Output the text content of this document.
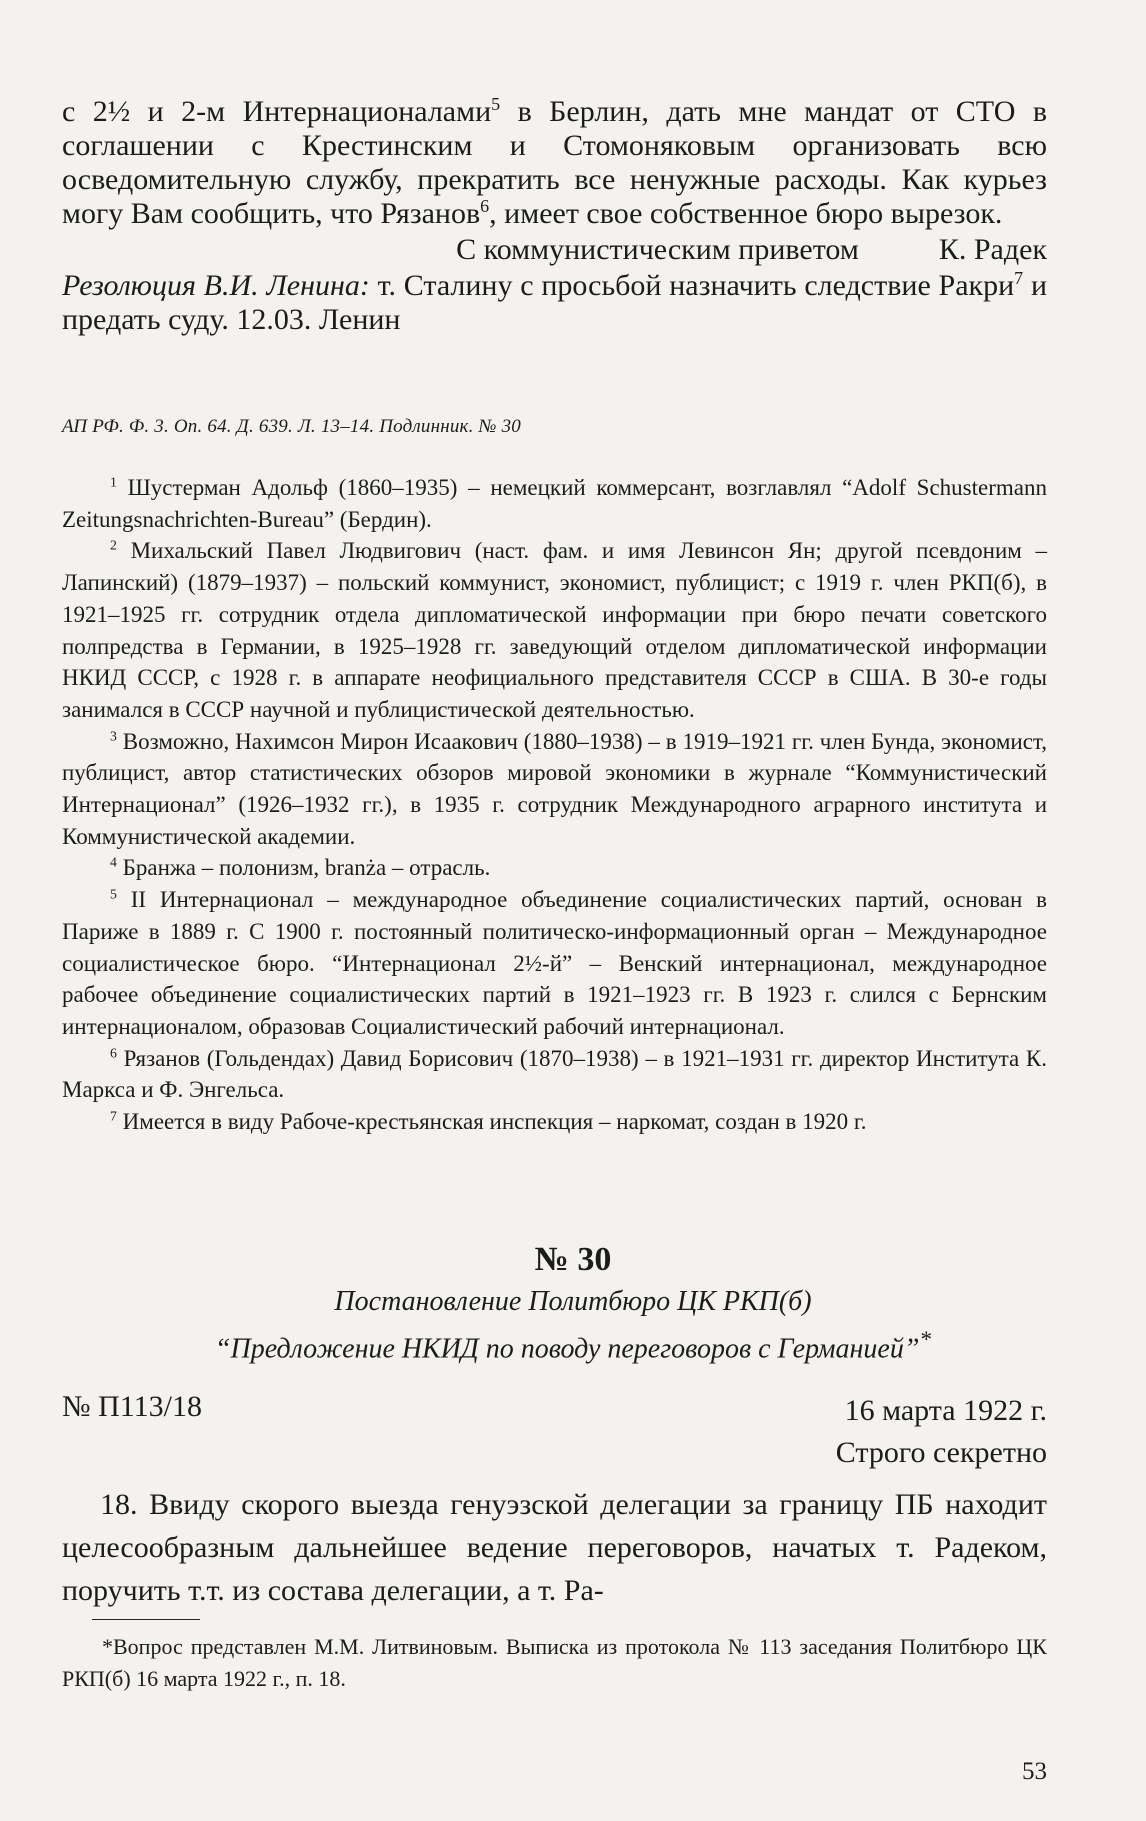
с 2½ и 2-м Интернационалами$^5$ в Берлин, дать мне мандат от СТО в соглашении с Крестинским и Стомоняковым организовать всю осведомительную службу, прекратить все ненужные расходы. Как курьез могу Вам сообщить, что Рязанов$^6$, имеет свое собственное бюро вырезок.
С коммунистическим приветом	К. Радек
Резолюция В.И. Ленина: т. Сталину с просьбой назначить следствие Ракри$^7$ и предать суду. 12.03. Ленин
АП РФ. Ф. 3. Оп. 64. Д. 639. Л. 13–14. Подлинник. № 30

$^1$ Шустерман Адольф (1860–1935) – немецкий коммерсант, возглавлял “Adolf Schustermann Zeitungsnachrichten-Bureau” (Бердин).

$^2$ Михальский Павел Людвигович (наст. фам. и имя Левинсон Ян; другой псевдоним – Лапинский) (1879–1937) – польский коммунист, экономист, публицист; с 1919 г. член РКП(б), в 1921–1925 гг. сотрудник отдела дипломатической информации при бюро печати советского полпредства в Германии, в 1925–1928 гг. заведующий отделом дипломатической информации НКИД СССР, с 1928 г. в аппарате неофициального представителя СССР в США. В 30-е годы занимался в СССР научной и публицистической деятельностью.

$^3$ Возможно, Нахимсон Мирон Исаакович (1880–1938) – в 1919–1921 гг. член Бунда, экономист, публицист, автор статистических обзоров мировой экономики в журнале “Коммунистический Интернационал” (1926–1932 гг.), в 1935 г. сотрудник Международного аграрного института и Коммунистической академии.

$^4$ Бранжа – полонизм, branża – отрасль.

$^5$ II Интернационал – международное объединение социалистических партий, основан в Париже в 1889 г. С 1900 г. постоянный политическо-информационный орган – Международное социалистическое бюро. “Интернационал 2½-й” – Венский интернационал, международное рабочее объединение социалистических партий в 1921–1923 гг. В 1923 г. слился с Бернским интернационалом, образовав Социалистический рабочий интернационал.

$^6$ Рязанов (Гольдендах) Давид Борисович (1870–1938) – в 1921–1931 гг. директор Института К. Маркса и Ф. Энгельса.

$^7$ Имеется в виду Рабоче-крестьянская инспекция – наркомат, создан в 1920 г.

№ 30
Постановление Политбюро ЦК РКП(б)
“Предложение НКИД по поводу переговоров с Германией”*
№ П113/18	16 марта 1922 г.
Строго секретно
18. Ввиду скорого выезда генуэзской делегации за границу ПБ находит целесообразным дальнейшее ведение переговоров, начатых т. Радеком, поручить т.т. из состава делегации, а т. Ра-
*Вопрос представлен М.М. Литвиновым. Выписка из протокола № 113 заседания Политбюро ЦК РКП(б) 16 марта 1922 г., п. 18.
53
